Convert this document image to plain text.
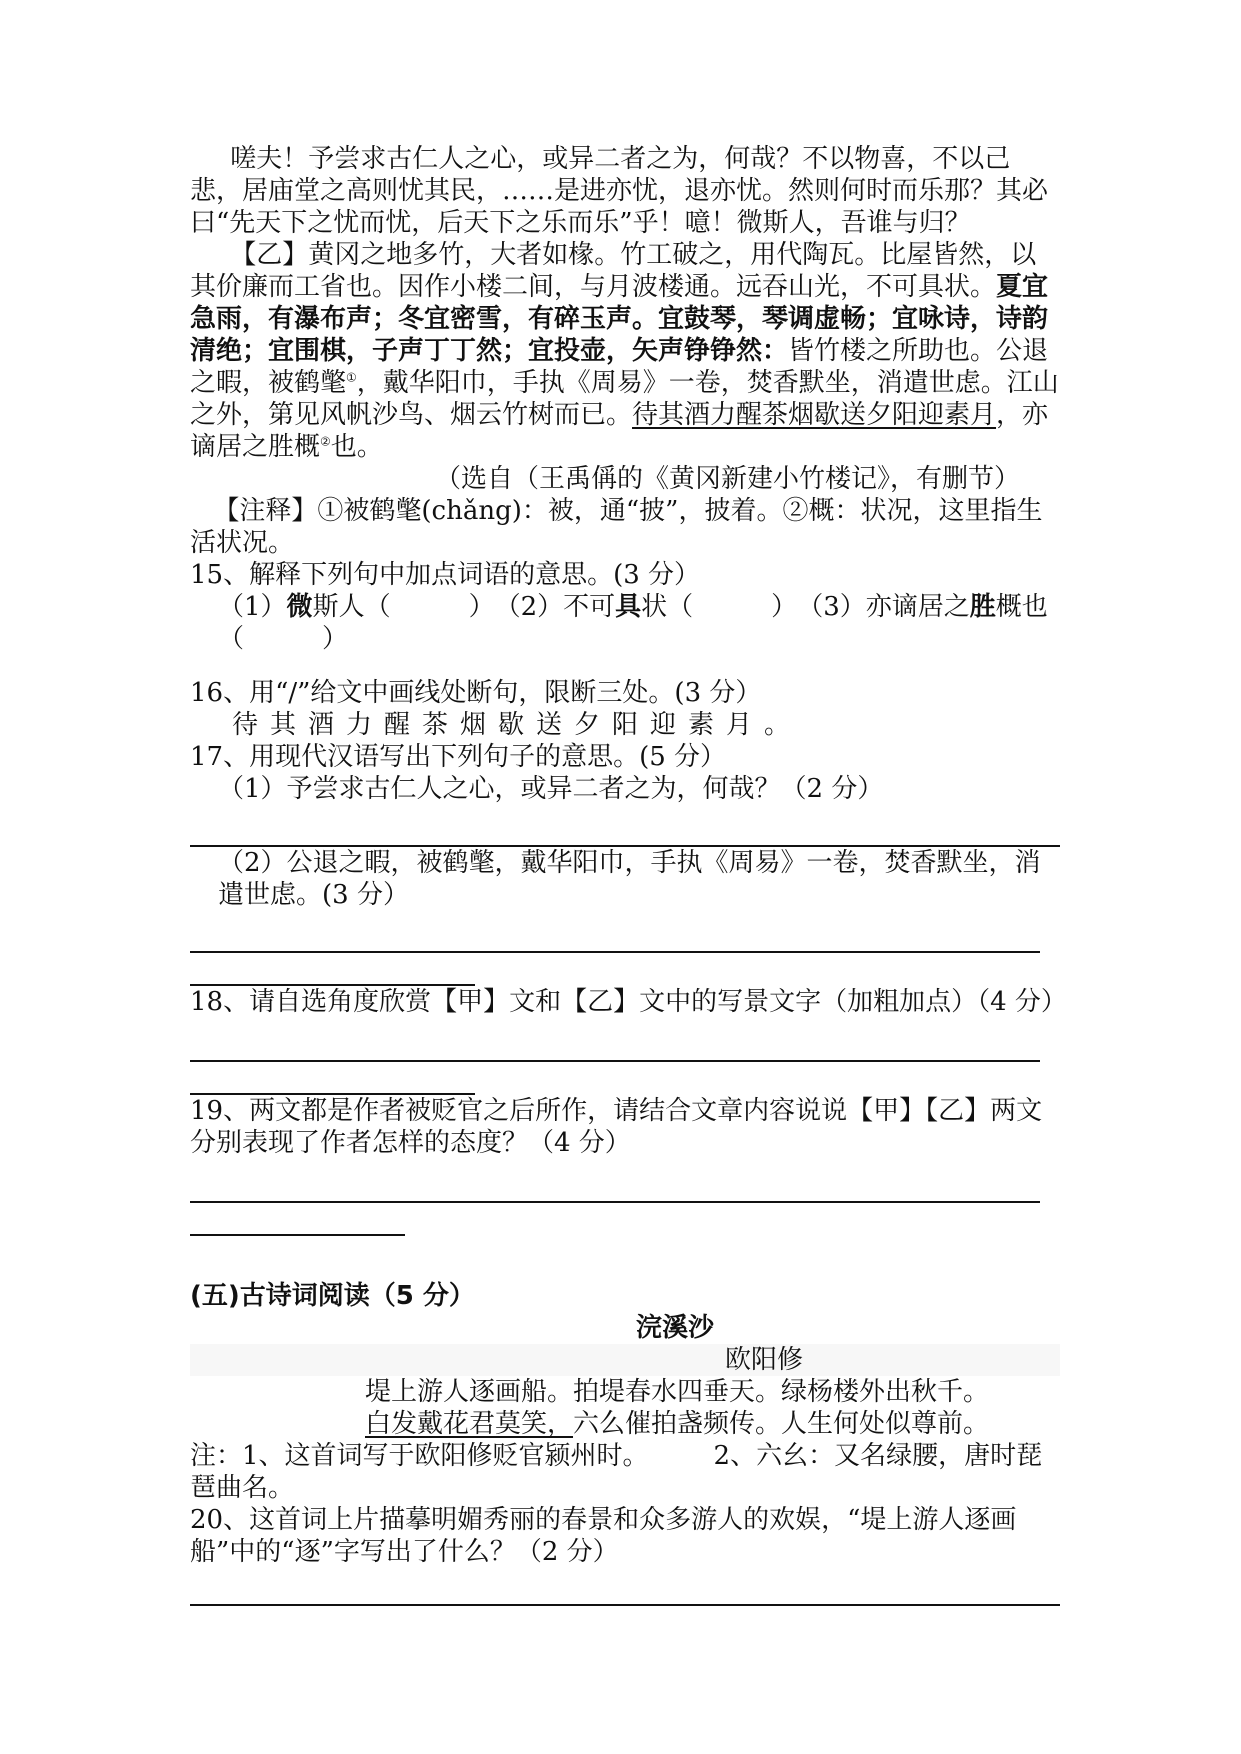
嗟夫！予尝求古仁人之心，或异二者之为，何哉？不以物喜，不以己悲，居庙堂之高则忧其民，……是进亦忧，退亦忧。然则何时而乐那？其必曰“先天下之忧而忧，后天下之乐而乐”乎！噫！微斯人，吾谁与归？

【乙】黄冈之地多竹，大者如椽。竹工破之，用代陶瓦。比屋皆然，以其价廉而工省也。因作小楼二间，与月波楼通。远吞山光，不可具状。夏宜急雨，有瀑布声；冬宜密雪，有碎玉声。宜鼓琴，琴调虚畅；宜咏诗，诗韵清绝；宜围棋，子声丁丁然；宜投壶，矢声铮铮然：皆竹楼之所助也。公退之暇，被鹤氅①，戴华阳巾，手执《周易》一卷，焚香默坐，消遣世虑。江山之外，第见风帆沙鸟、烟云竹树而已。待其酒力醒茶烟歇送夕阳迎素月，亦谪居之胜概②也。

（选自（王禹偁的《黄冈新建小竹楼记》，有删节）

【注释】①被鹤氅(chǎng)：被，通“披”，披着。②概：状况，这里指生活状况。

15、解释下列句中加点词语的意思。(3 分）

（1）微斯人（　　　）　 （2）不可具状（　　　）　 （3）亦谪居之胜概也（　　　）

16、用“/”给文中画线处断句，限断三处。(3 分）

待其酒力醒茶烟歇送夕阳迎素月。

17、用现代汉语写出下列句子的意思。(5 分）

（1）予尝求古仁人之心，或异二者之为，何哉？（2 分）

（2）公退之暇，被鹤氅，戴华阳巾，手执《周易》一卷，焚香默坐，消遣世虑。(3 分）

18、请自选角度欣赏【甲】文和【乙】文中的写景文字（加粗加点）（4 分）

19、两文都是作者被贬官之后所作，请结合文章内容说说【甲】【乙】两文分别表现了作者怎样的态度？（4 分）

(五)古诗词阅读（5 分）

浣溪沙

欧阳修

堤上游人逐画船。拍堤春水四垂天。绿杨楼外出秋千。

白发戴花君莫笑，六么催拍盏频传。人生何处似尊前。

注：1、这首词写于欧阳修贬官颍州时。　　　2、六幺：又名绿腰，唐时琵琶曲名。

20、这首词上片描摹明媚秀丽的春景和众多游人的欢娱，“堤上游人逐画船”中的“逐”字写出了什么？（2 分）
